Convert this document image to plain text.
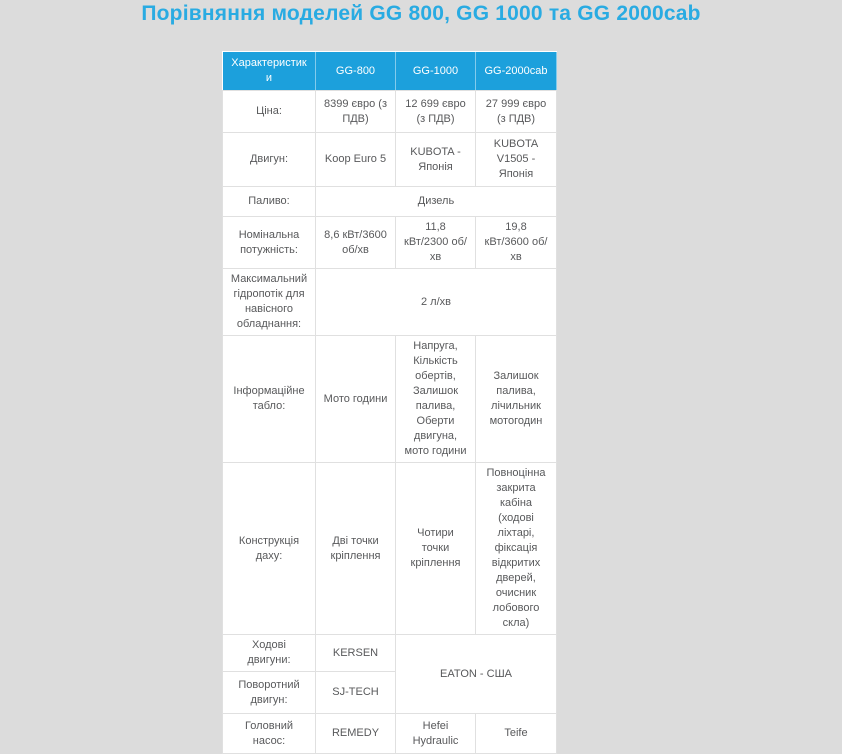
Порівняння моделей GG 800, GG 1000 та GG 2000cab
Характеристики	GG-800	GG-1000	GG-2000cab
Ціна:	8399 євро (з ПДВ)	12 699 євро (з ПДВ)	27 999 євро (з ПДВ)
Двигун:	Koop Euro 5	KUBOTA - Японія	KUBOTA V1505 - Японія
Паливо:	Дизель		
Номінальна потужність:	8,6 кВт/3600 об/хв	11,8 кВт/2300 об/хв	19,8 кВт/3600 об/хв
Максимальний гідропотік для навісного обладнання:	2 л/хв		
Інформаційне табло:	Мото години	Напруга, Кількість обертів, Залишок палива, Оберти двигуна, мото години	Залишок палива, лічильник мотогодин
Конструкція даху:	Дві точки кріплення	Чотири точки кріплення	Повноцінна закрита кабіна (ходові ліхтарі, фіксація відкритих дверей, очисник лобового скла)
Ходові двигуни:	KERSEN	EATON - США	
Поворотний двигун:	SJ-TECH		
Головний насос:	REMEDY	Hefei Hydraulic	Teife
